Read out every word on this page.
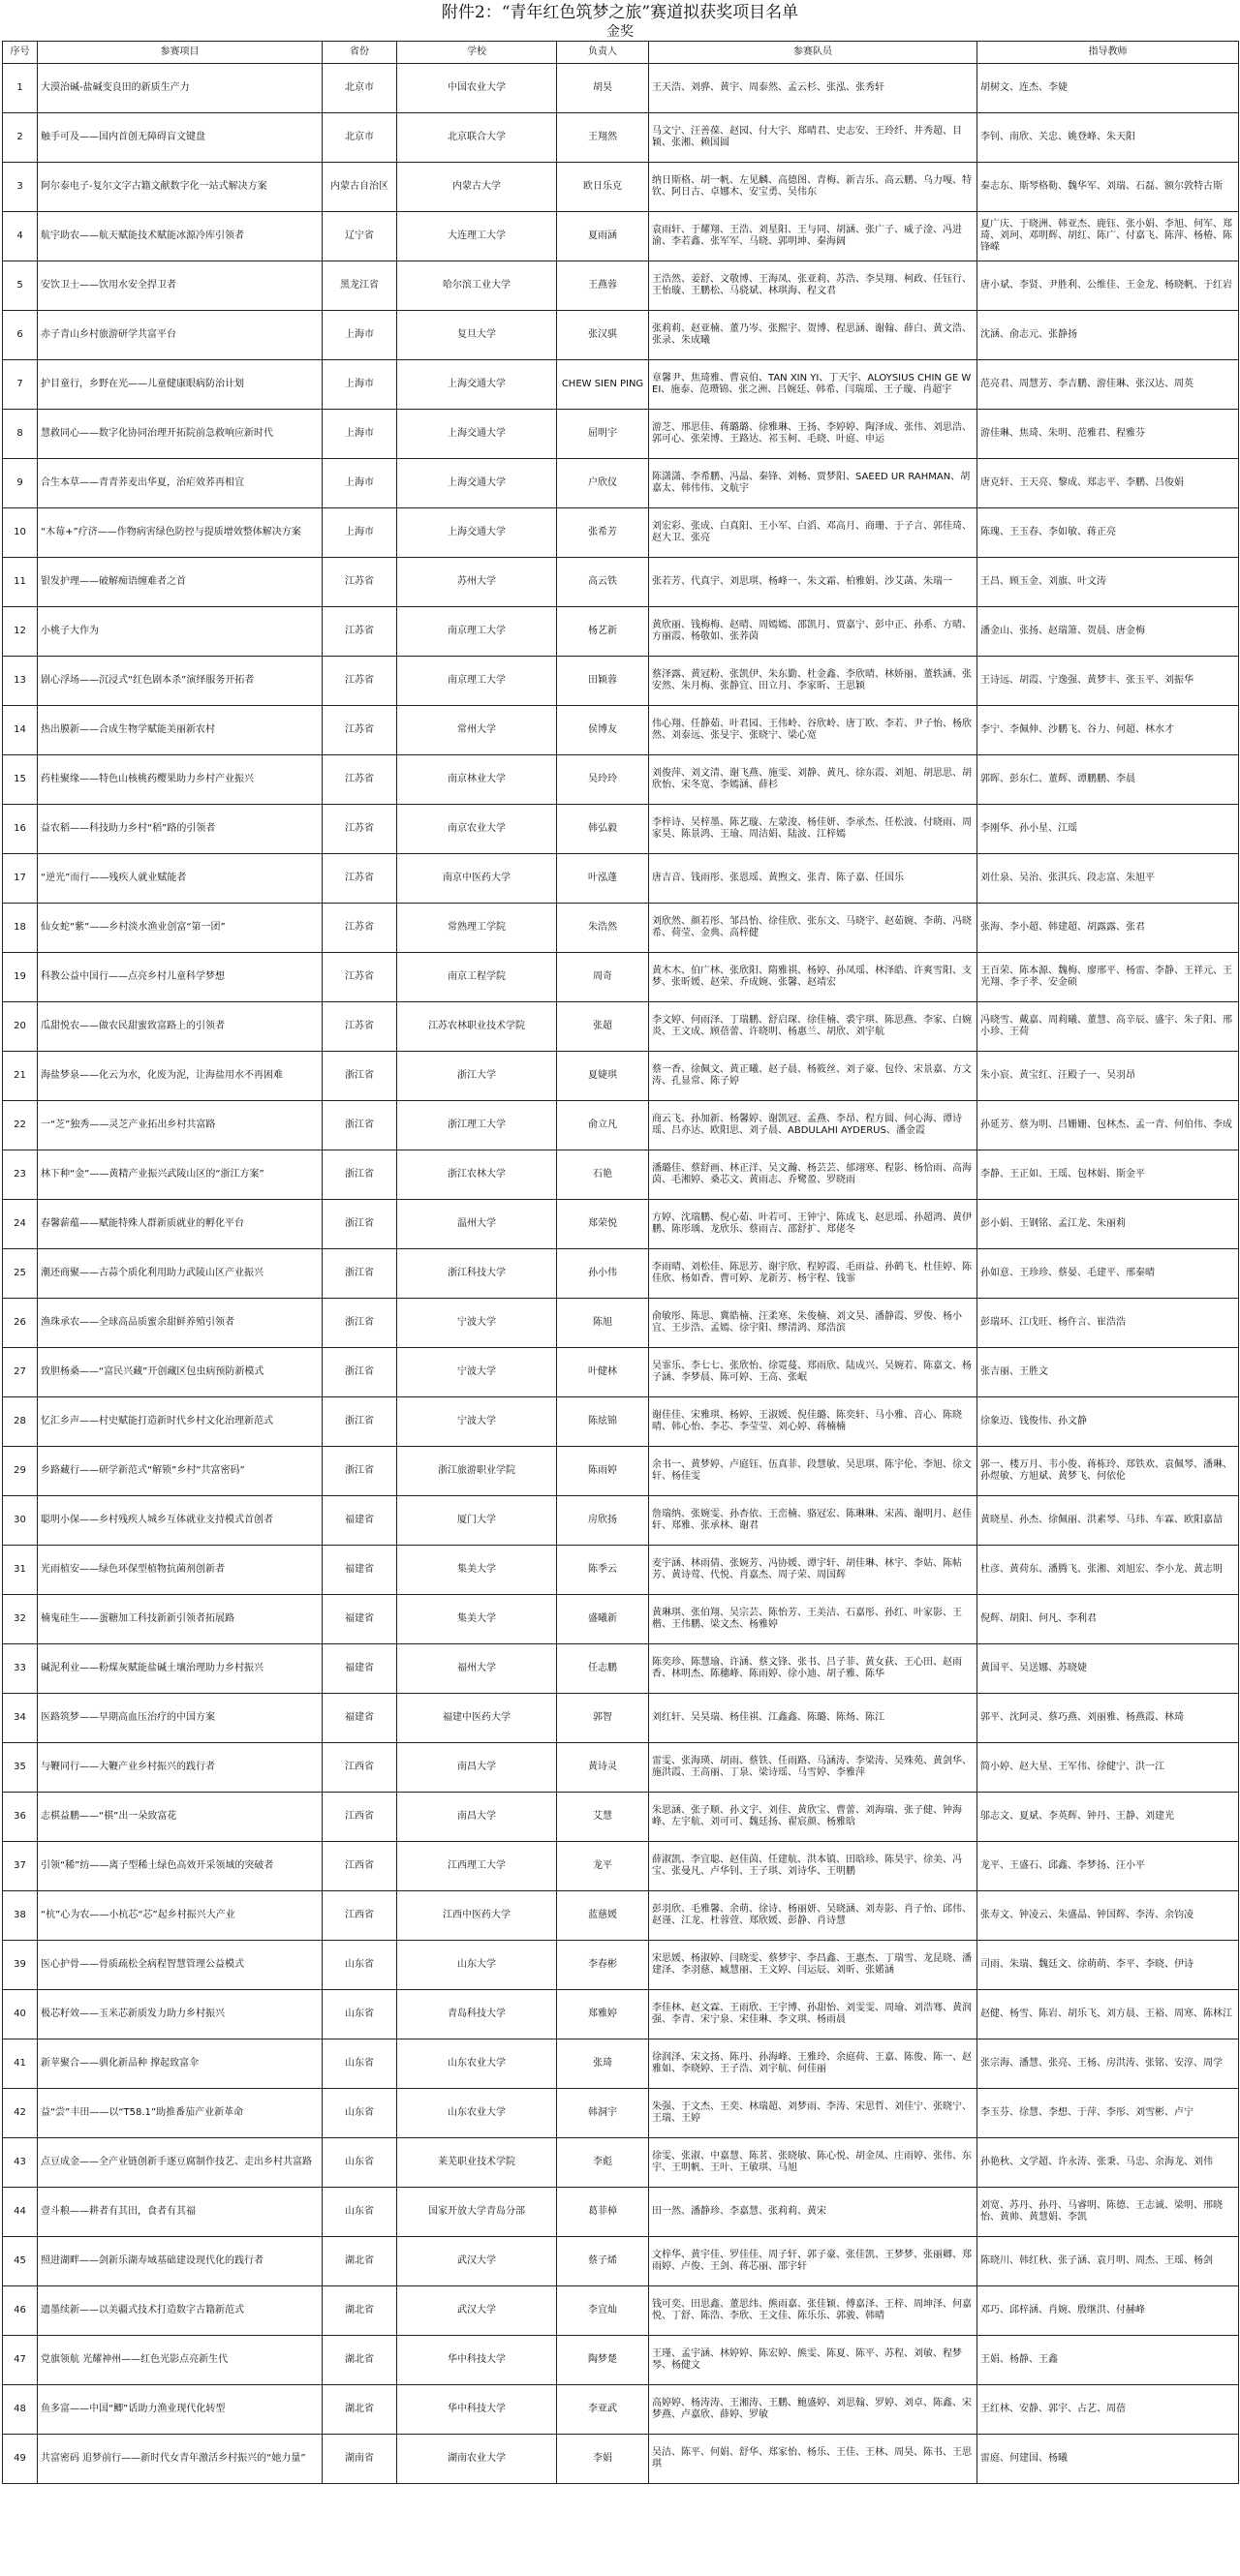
附件2：“青年红色筑梦之旅”赛道拟获奖项目名单
金奖
序号	参赛项目	省份	学校	负责人	参赛队员	指导教师
1	大漠治碱-盐碱变良田的新质生产力	北京市	中国农业大学	胡昊	王天浩、刘骅、黄宇、周泰然、孟云杉、张泓、张秀轩	胡树文、连杰、李婕
2	触手可及——国内首创无障碍盲文键盘	北京市	北京联合大学	王翔然	马文宁、汪善葆、赵园、付大宇、郑晴君、史志安、王玲纤、井秀超、目颖、张湘、赖国圆	李钊、南欣、关忠、姚登峰、朱天阳
3	阿尔泰电子-复尔文字古籍文献数字化一站式解决方案	内蒙古自治区	内蒙古大学	欧日乐克	纳日斯格、胡一帆、左见麟、高德图、青梅、新吉乐、高云鹏、乌力嘎、特钦、阿日古、卓娜木、安宝勇、吴伟东	秦志东、斯琴格勒、魏华军、刘瑞、石磊、额尔敦特古斯
4	航宇助农——航天赋能技术赋能冰源冷库引领者	辽宁省	大连理工大学	夏雨涵	袁雨轩、于耀翔、王浩、刘星阳、王与同、胡涵、张广子、威子淦、冯进渝、李若鑫、张军军、马晓、郭明坤、秦海阔	夏广庆、于晓洲、韩亚杰、鹿钰、张小娟、李旭、何军、郑琦、刘珂、邓明辉、胡红、陈广、付嘉飞、陈萍、杨椿、陈锋嵘
5	安饮卫士——饮用水安全捍卫者	黑龙江省	哈尔滨工业大学	王燕蓉	王浩然、姜舒、文敬博、王海凤、张亚莉、苏浩、李昊翔、柯政、任钰行、王怡璇、王鹏松、马骁斌、林琪海、程文君	唐小斌、李贤、尹胜利、公维佳、王金龙、杨晓帆、于红岩
6	赤子青山乡村旅游研学共富平台	上海市	复旦大学	张汉骐	张莉莉、赵亚楠、董乃岑、张熙宇、贺博、程思涵、谢翰、薛白、黄文浩、张录、朱成曦	沈涵、俞志元、张静扬
7	护目童行，乡野在光——儿童健康眼病防治计划	上海市	上海交通大学	CHEW SIEN PING	章馨尹、焦琦雅、曹哀伯、TAN XIN YI、丁天宇、ALOYSIUS CHIN GE WEI、施泰、范瓒锦、张之洲、吕婉廷、韩希、闫瑞瑶、王子璇、肖超宇	范亮君、周慧芳、李吉鹏、游佳琳、张汉达、周英
8	慧救同心——数字化协同治理开拓院前急救响应新时代	上海市	上海交通大学	屈明宇	游芝、邢思佳、蒋璐璐、徐雅琳、王扬、李婷婷、陶泽成、张伟、刘思浩、郭可心、张荣博、王路达、祁玉柯、毛晓、叶庭、申运	游佳琳、焦琦、朱明、范雅君、程雅芬
9	合生本草——青青荞麦出华夏，治疟效荞再相宜	上海市	上海交通大学	户欣仪	陈潇潇、李希鹏、冯晶、秦锋、刘畅、贾梦阳、SAEED UR RAHMAN、胡嘉太、韩伟伟、文航宇	唐克轩、王天亮、黎成、郑志平、李鹏、吕俊娟
10	“木莓+”疗济——作物病害绿色防控与提质增效整体解决方案	上海市	上海交通大学	张希芳	刘宏彩、张成、白真阳、王小军、白滔、邓高月、商珊、于子言、郭佳琦、赵大卫、张亮	陈瑰、王玉春、李如敏、蒋正亮
11	银发护理——破解痴语缠难者之首	江苏省	苏州大学	高云铁	张若芳、代真宇、刘思琪、杨峰一、朱文霜、柏雅娟、沙艾菡、朱瑞一	王昌、顾玉金、刘旗、叶文涛
12	小桃子大作为	江苏省	南京理工大学	杨艺新	黄欣丽、钱梅梅、赵晴、周嫣嫣、邵凯月、贾嘉宁、彭中正、孙系、方晴、方丽霞、杨敬如、张荞茵	潘金山、张扬、赵瑞箫、贺晨、唐金梅
13	剧心浮场——沉浸式“红色剧本杀”演绎服务开拓者	江苏省	南京理工大学	田颖蓉	蔡泽露、黄冠粉、张凯伊、朱东勤、杜金鑫、李欣晴、林娇丽、董轶涵、张安然、朱月梅、张静宜、田立月、李家昕、王思颖	王诗远、胡霞、宁逸强、黄梦丰、张玉平、刘振华
14	热出膜新——合成生物学赋能美丽新农村	江苏省	常州大学	侯博友	伟心翔、任静茹、叶君园、王伟岭、谷欣岭、唐丁欧、李若、尹子怡、杨欣然、刘泰远、张旻宇、张晓宁、梁心宽	李宁、李佩伸、沙鹏飞、谷力、何超、林水才
15	药桂聚缘——特色山核桃药樱果助力乡村产业振兴	江苏省	南京林业大学	吴玲玲	刘俊萍、刘文清、谢飞燕、施雯、刘静、黄凡、徐东霞、刘旭、胡思思、胡欣怡、宋冬宽、李嫣涵、薛杉	郭晖、彭东仁、董辉、谭鹏鹏、李晨
16	益农稻——科技助力乡村“稻”路的引领者	江苏省	南京农业大学	韩弘毅	李梓诗、吴梓墨、陈艺璇、左蒙浚、杨佳妍、李承杰、任松波、付晓雨、周家昊、陈景鸿、王瑜、周洁娟、陆波、江梓嫣	李刚华、孙小星、江瑶
17	“逆光”而行——残疾人就业赋能者	江苏省	南京中医药大学	叶泓蓬	唐吉音、钱雨彤、张恩瑶、黄煦文、张青、陈子嘉、任国乐	刘仕泉、吴治、张淇兵、段志富、朱旭平
18	仙女蛇“紫”——乡村淡水渔业创富“第一团”	江苏省	常熟理工学院	朱浩然	刘欣然、颜若彤、邹昌怡、徐佳欣、张东文、马晓宇、赵茹婉、李萌、冯晓希、荷莹、金典、高梓健	张海、李小超、韩建超、胡露露、张君
19	科教公益中国行——点亮乡村儿童科学梦想	江苏省	南京工程学院	周奇	黄木木、伯广林、张欣阳、隋雅祺、杨婷、孙凤瑶、林泽皓、许爽雪阳、支梦、张昕媛、赵荣、乔成婉、张馨、赵靖宏	王百荣、陈本源、魏梅、廖邢平、杨雷、李静、王祥元、王光翔、李子孝、安金硕
20	瓜甜悦农——做农民甜蜜致富路上的引领者	江苏省	江苏农林职业技术学院	张超	李文婷、何雨泽、丁瑞鹏、舒启琛、徐佳楠、裘宇琪、陈思燕、李家、白婉炎、王文成、顾蓓蕾、许晓明、杨惠兰、胡欣、刘宇航	冯晓雪、戴嘉、周莉曦、董慧、高辛辰、盛宇、朱子阳、邢小珍、王荷
21	海盐梦泉——化云为水，化废为泥，让海盐用水不再困难	浙江省	浙江大学	夏婕琪	蔡一香、徐佩文、黄正曦、赵子晨、杨筱丝、刘子豪、包伶、宋景嘉、方文涛、孔显常、陈子婷	朱小宸、黄宝红、汪殿子一、吴羽昂
22	一“芝”独秀——灵芝产业拓出乡村共富路	浙江省	浙江理工大学	俞立凡	商云飞、孙加新、杨馨婷、谢凯冠、孟燕、李昂、程方圆、何心海、谭诗瑶、吕亦达、欧阳思、刘子晨、ABDULAHI AYDERUS、潘金霞	孙延芳、蔡为明、吕姗姗、包林杰、孟一青、何伯伟、李成
23	林下种“金”——黄精产业振兴武陵山区的“浙江方案”	浙江省	浙江农林大学	石艳	潘璐佳、蔡舒画、林正洋、吴文瀚、杨芸芸、郁翊寒、程影、杨恰雨、高海茵、毛湘婷、桑芯文、黄雨志、乔鹭盈、罗晓雨	李静、王正如、王瑶、包林娟、斯金平
24	春馨薪蕴——赋能特殊人群新质就业的孵化平台	浙江省	温州大学	郑荣悦	方婷、沈瑞鹏、倪心茹、叶若可、王钟宁、陈成飞、赵思瑶、孙超鸿、黄伊鹏、陈彤瑀、龙欣乐、蔡雨吉、邵舒扩、郑佬冬	彭小娟、王钢铭、孟江龙、朱丽莉
25	潮还商聚——古蒜个质化利用助力武陵山区产业振兴	浙江省	浙江科技大学	孙小伟	李雨晴、刘松佳、陈思芳、谢宇欣、程婷霞、毛雨益、孙鹤飞、杜佳婷、陈佳欣、杨如香、曹可婷、龙新芳、杨宇程、钱霏	孙如意、王珍珍、蔡晏、毛建平、邢秦晴
26	渔珠承农——全球高品质蜜余甜鲜养殖引领者	浙江省	宁波大学	陈旭	俞敏彤、陈思、冀皓楠、汪柔寒、朱俊楠、刘文昊、潘静霞、罗俊、杨小宜、王步浩、孟嫣、徐宇阳、缪清鸿、郑浩滨	彭瑞环、江戊旺、杨仵言、崔浩浩
27	致胆杨桑——“富民兴藏”开创藏区包虫病预防新模式	浙江省	宁波大学	叶健林	吴霏乐、李七七、张欣怡、徐霓蔓、郑雨欣、陆成兴、吴婉若、陈嘉文、杨子涵、李梦晨、陈可婷、王高、张岷	张吉丽、王胜文
28	忆汇乡声——村史赋能打造新时代乡村文化治理新范式	浙江省	宁波大学	陈炫锦	谢佳佳、宋雅琪、杨婷、王淑媛、倪佳璐、陈奕轩、马小雅、音心、陈晓晴、韩心怡、李芯、李莹莹、刘心婷、蒋楠楠	徐象迈、钱俊伟、孙文静
29	乡路藏行——研学新范式“解锁”乡村“共富密码”	浙江省	浙江旅游职业学院	陈雨婷	余书一、黄梦婷、卢庭钰、伍真菲、段慧敏、吴思琪、陈宇伦、李旭、徐文轩、杨佳雯	郭一、楼万月、韦小俊、蒋栋玲、郑铁欢、袁佩琴、潘琳、孙煜敏、方旭斌、黄梦飞、何依伦
30	聪明小保——乡村残疾人城乡互体就业支持模式首创者	福建省	厦门大学	房欣扬	詹瑞纳、张婉雯、孙杏依、王峦楠、骆冠宏、陈琳琳、宋茜、谢明月、赵佳轩、郑雅、张承林、谢君	黄晓星、孙杰、徐佩丽、洪素琴、马玮、车霖、欧阳嘉喆
31	光雨植安——绿色环保型植物抗菌剂创新者	福建省	集美大学	陈季云	麦宇涵、林雨倩、张婉芳、冯协媛、谭宇轩、胡佳琳、林宇、李姑、陈帖芳、黄诗莺、代悦、肖嘉杰、周子荣、周国辉	杜彦、黄荷东、潘腾飞、张湘、刘旭宏、李小龙、黄志明
32	楠鬼硅生——蛋糖加工科技新新引领者拓展路	福建省	集美大学	盛曦新	黄琳琪、张伯翔、吴宗芸、陈怡芳、王美洁、石嘉彤、孙红、叶家影、王楷、王伟鹏、梁文杰、杨雅婷	倪辉、胡阳、何凡、李利君
33	碱泥利业——粉煤灰赋能盐碱土壤治理助力乡村振兴	福建省	福州大学	任志鹏	陈奕珍、陈慧瑜、许涵、蔡文锋、张书、吕子菲、黄女荻、王心田、赵雨香、林明杰、陈穗峰、陈雨婷、徐小迪、胡子雅、陈华	黄国平、吴送娜、苏晓婕
34	医路筑梦——早期高血压治疗的中国方案	福建省	福建中医药大学	郭智	刘红轩、吴昊瑞、杨佳祺、江鑫鑫、陈璐、陈炀、陈江	郭平、沈阿灵、蔡巧燕、刘丽雅、杨燕霞、林琦
35	与鞭同行——大鞭产业乡村振兴的践行者	江西省	南昌大学	黄诗灵	雷雯、张海瑛、胡雨、蔡铁、任雨路、马涵涛、李梁涛、吴殊苑、黄剑华、施洪霞、王高丽、丁泉、梁诗瑶、马雪婷、李雅萍	简小婷、赵大星、王军伟、徐健宁、洪一江
36	志棋益鹏——“棋”出一朵致富花	江西省	南昌大学	艾慧	朱思涵、张子顺、孙文宇、刘佳、黄欣宝、曹蕾、刘海瑞、张子健、钟海峰、左宇航、刘可可、魏廷扬、翟宸颜、杨雅晗	邬志文、夏斌、李英辉、钟丹、王静、刘建光
37	引领“稀”纺——离子型稀土绿色高效开采领域的突破者	江西省	江西理工大学	龙平	薛淑凯、李宜聪、赵佳茵、任建航、洪本镇、田晗珍、陈昊宇、徐美、冯宝、张曼凡、卢华钊、王子琪、刘诗华、王明鹏	龙平、王盛石、邱鑫、李梦扬、汪小平
38	“杭”心为农——小杭芯“芯”起乡村振兴大产业	江西省	江西中医药大学	蓝慈媛	彭羽欣、毛雅馨、余萌、徐诗、杨丽妍、吴晓涵、刘寿影、肖子怡、邱伟、赵谨、江龙、杜蓉萱、郑欣媛、彭静、肖诗慧	张寿文、钟凌云、朱盛晶、钟国辉、李涛、余钧凌
39	医心护骨——骨质疏松全病程智慧管理公益模式	山东省	山东大学	李春彬	宋思媛、杨淑婷、闫晓雯、蔡梦宇、李昌鑫、王惠杰、丁瑞雪、龙昆晓、潘建泽、李羽慈、臧慧丽、王文婷、闫运辰、刘昕、张婼涵	司雨、朱瑞、魏廷文、徐萌萌、李平、李晓、伊诗
40	极芯籽效——玉米芯新质发力助力乡村振兴	山东省	青岛科技大学	郑雅婷	李佳林、赵文霖、王雨欣、王宇博、孙甜怡、刘雯雯、周瑜、刘浩骞、黄润强、李青、宋宁泉、宋佳琳、李文琪、杨雨晨	赵健、杨雪、陈岩、胡乐飞、刘方晨、王裕、周寒、陈林江
41	新苹聚合——驯化新品种 撑起致富伞	山东省	山东农业大学	张琦	徐润泽、宋文扬、陈丹、孙海峰、王雅玲、余庭荷、王嘉、陈俊、陈一、赵雅如、李晓婷、王子浩、刘宇航、何佳丽	张宗海、潘慧、张亮、王杨、房洪涛、张铭、安淳、周学
42	益“尝”丰田——以“T58.1”助推番茄产业新革命	山东省	山东农业大学	韩洞宇	朱强、于文杰、王奕、林瑞超、刘梦雨、李涛、宋思哲、刘佳宁、张晓宁、王瑞、王婷	李玉芬、徐慧、李想、于萍、李彤、刘雪彬、卢宁
43	点豆成金——全产业链创新手逐豆腐制作技艺、走出乡村共富路	山东省	莱芜职业技术学院	李彪	徐雯、张淑、中嘉慧、陈茗、张晓敏、陈心悦、胡金凤、庄雨婷、张伟、东宇、王明帆、王叶、王敏琪、马旭	孙艳秋、文学超、许永涛、张秉、马忠、余海龙、刘伟
44	壹斗粮——耕者有其田，食者有其福	山东省	国家开放大学青岛分部	葛菲樟	田一然、潘静珍、李嘉慧、张莉莉、黄宋	刘宽、苏丹、孙丹、马睿明、陈德、王志诚、梁明、邢晓怡、黄帅、黄慧娟、李凯
45	照进湖畔——剑新乐湖寿域基础建设现代化的践行者	湖北省	武汉大学	蔡子烯	文梓华、黄宇佳、罗佳佳、周子轩、郭子豪、张佳凯、王梦梦、张丽卿、郑雨婷、卢俊、王剑、蒋芯丽、邵宇轩	陈晓川、韩红秋、张子涵、袁月明、周杰、王瑶、杨剑
46	遗墨续新——以美疆式技术打造数字古籍新范式	湖北省	武汉大学	李宜灿	钱可奕、田思鑫、董思纬、熊雨嘉、张佳颖、傅嘉泽、王梓、周坤泽、何嘉悦、丁舒、陈浩、李欣、王文佳、陈乐乐、郭骏、韩晴	邓巧、邱梓涵、肖婉、殷继洪、付赫峰
47	党旗领航 光耀神州——红色光影点亮新生代	湖北省	华中科技大学	陶梦楚	王瑾、孟宇涵、林婷婷、陈宏婷、熊雯、陈夏、陈平、苏程、刘敏、程梦琴、杨健文	王娟、杨静、王鑫
48	鱼多富——中国“鲫”话助力渔业现代化转型	湖北省	华中科技大学	李亚武	高婷婷、杨涛涛、王湘涛、王鹏、鲍盛婷、刘思翰、罗婷、刘卓、陈鑫、宋梦燕、卢嘉欣、薛婷、罗敏	王红林、安静、郭宇、占艺、周蓓
49	共富密码 追梦前行——新时代女青年激活乡村振兴的“她力量”	湖南省	湖南农业大学	李娟	吴洁、陈平、何娟、舒华、郑家怡、杨乐、王佳、王林、周昊、陈书、王思琪	雷庭、何建国、杨曦
